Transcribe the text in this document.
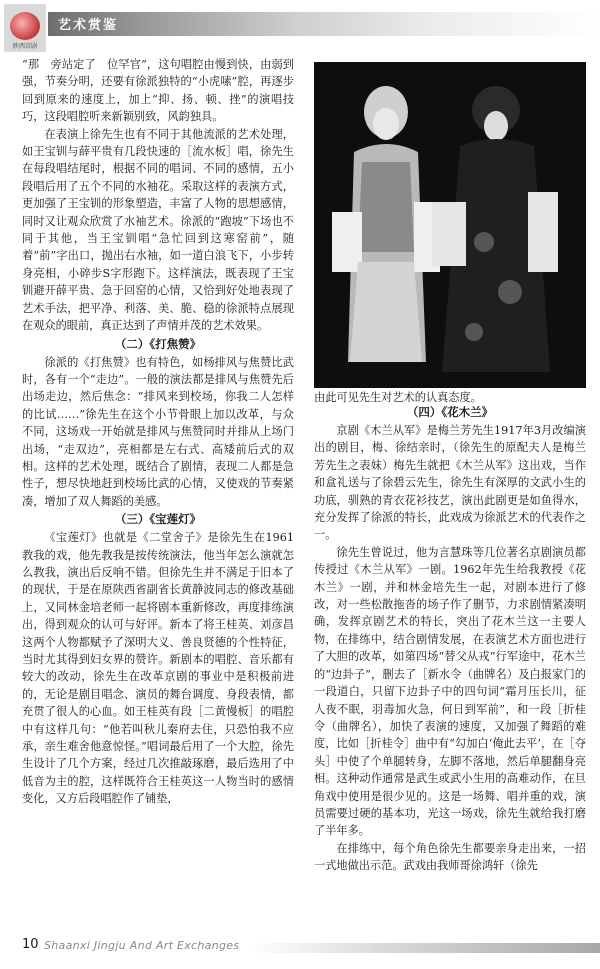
陕西京剧
艺术赏鉴

“那　旁站定了　位罕官”，这句唱腔由慢到快，由弱到强，节奏分明，还要有徐派独特的“小虎嗉”腔，再逐步回到原来的速度上，加上“抑、扬、顿、挫”的演唱技巧，这段唱腔听来新颖别致，风韵独具。

在表演上徐先生也有不同于其他流派的艺术处理，如王宝钏与薛平贵有几段快速的［流水板］唱，徐先生在每段唱结尾时，根据不同的唱词、不同的感情，五小段唱后用了五个不同的水袖花。采取这样的表演方式，更加强了王宝钏的形象塑造，丰富了人物的思想感情，同时又让观众欣赏了水袖艺术。徐派的“跑坡”下场也不同于其他，当王宝钏唱“急忙回到这寒窑前”，随着“前”字出口，抛出右水袖，如一道白浪飞下，小步转身亮相，小碎步S字形跑下。这样演法，既表现了王宝钏避开薛平贵、急于回窑的心情，又恰到好处地表现了艺术手法，把平净、利落、美、脆、稳的徐派特点展现在观众的眼前，真正达到了声情并茂的艺术效果。

（二）《打焦赞》

徐派的《打焦赞》也有特色，如杨排风与焦赞比武时，各有一个“走边”。一般的演法都是排风与焦赞先后出场走边，然后焦念：“排风来到校场，你我二人怎样的比试……”徐先生在这个小节骨眼上加以改革，与众不同，这场戏一开始就是排风与焦赞同时并排从上场门出场，“走双边”，亮相都是左右式、高矮前后式的双相。这样的艺术处理，既结合了剧情，表现二人都是急性子，想尽快地赶到校场比武的心情，又使戏的节奏紧凑，增加了双人舞蹈的美感。

（三）《宝莲灯》

《宝莲灯》也就是《二堂舍子》是徐先生在1961教我的戏，他先教我是按传统演法，他当年怎么演就怎么教我，演出后反响不错。但徐先生并不满足于旧本了的现状，于是在原陕西省副省长黄静波同志的修改基础上，又同林金培老师一起将剧本重新修改，再度排练演出，得到观众的认可与好评。新本了将王桂英、刘彦昌这两个人物都赋予了深明大义、善良贤德的个性特征，当时尤其得到妇女界的赞许。新剧本的唱腔、音乐都有较大的改动，徐先生在改革京剧的事业中是积极前进的，无论是剧目唱念、演员的舞台调度、身段表情，都充贯了很人的心血。如王桂英有段［二黄慢板］的唱腔中有这样几句：“他若叫秋儿秦府去住，只恐怕我不应承，亲生难舍他意惊怪。”唱词最后用了一个大腔，徐先生设计了几个方案，经过几次推敲琢磨，最后选用了中低音为主的腔，这样既符合王桂英这一人物当时的感情变化，又方后段唱腔作了铺垫，

由此可见先生对艺术的认真态度。
（四）《花木兰》

京剧《木兰从军》是梅兰芳先生1917年3月改编演出的剧目，梅、徐结亲时，（徐先生的原配夫人是梅兰芳先生之表妹）梅先生就把《木兰从军》这出戏，当作和盒礼送与了徐碧云先生，徐先生有深厚的文武小生的功底，驯熟的青衣花衫技艺，演出此剧更是如鱼得水，充分发挥了徐派的特长，此戏成为徐派艺术的代表作之一。

徐先生曾说过，他为言慧珠等几位著名京剧演员都传授过《木兰从军》一剧。1962年先生给我教授《花木兰》一剧，并和林金培先生一起，对剧本进行了修改，对一些松散拖沓的场子作了删节，力求剧情紧凑明确，发挥京剧艺术的特长，突出了花木兰这一主要人物，在排练中，结合剧情发展，在表演艺术方面也进行了大胆的改革，如第四场“替父从戎”行军途中，花木兰的“边卦子”，删去了［新水令（曲牌名）及白报家门的一段道白，只留下边卦子中的四句词“霜月压长川，征人夜不眠，羽毒加火急，何日到军前”，和一段［折桂令（曲牌名），加快了表演的速度，又加强了舞蹈的难度，比如［折桂令］曲中有“勾加白‘俺此去平’，在［夺头］中使了个单腿转身，左脚不落地，然后单腿翻身亮相。这种动作通常是武生或武小生用的高难动作，在旦角戏中使用是很少见的。这是一场舞、唱并重的戏，演员需要过硬的基本功，光这一场戏，徐先生就给我打磨了半年多。

在排练中，每个角色徐先生都要亲身走出来，一招一式地做出示范。武戏由我师哥徐鸿轩（徐先

10 Shaanxi Jingju And Art Exchanges
